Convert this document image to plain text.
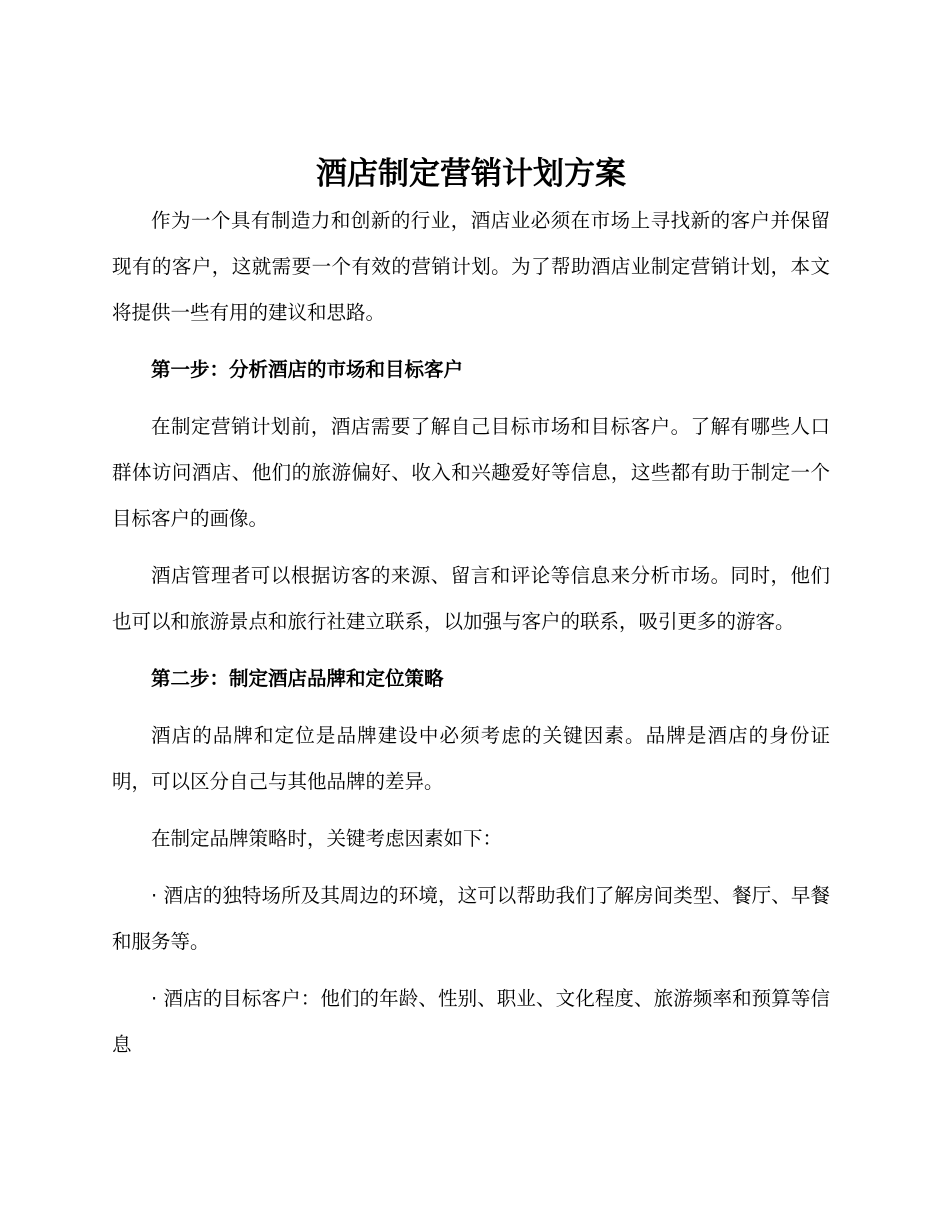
酒店制定营销计划方案

作为一个具有制造力和创新的行业，酒店业必须在市场上寻找新的客户并保留现有的客户，这就需要一个有效的营销计划。为了帮助酒店业制定营销计划，本文将提供一些有用的建议和思路。

第一步：分析酒店的市场和目标客户

在制定营销计划前，酒店需要了解自己目标市场和目标客户。了解有哪些人口群体访问酒店、他们的旅游偏好、收入和兴趣爱好等信息，这些都有助于制定一个目标客户的画像。

酒店管理者可以根据访客的来源、留言和评论等信息来分析市场。同时，他们也可以和旅游景点和旅行社建立联系，以加强与客户的联系，吸引更多的游客。

第二步：制定酒店品牌和定位策略

酒店的品牌和定位是品牌建设中必须考虑的关键因素。品牌是酒店的身份证明，可以区分自己与其他品牌的差异。

在制定品牌策略时，关键考虑因素如下：

· 酒店的独特场所及其周边的环境，这可以帮助我们了解房间类型、餐厅、早餐和服务等。

· 酒店的目标客户：他们的年龄、性别、职业、文化程度、旅游频率和预算等信息
